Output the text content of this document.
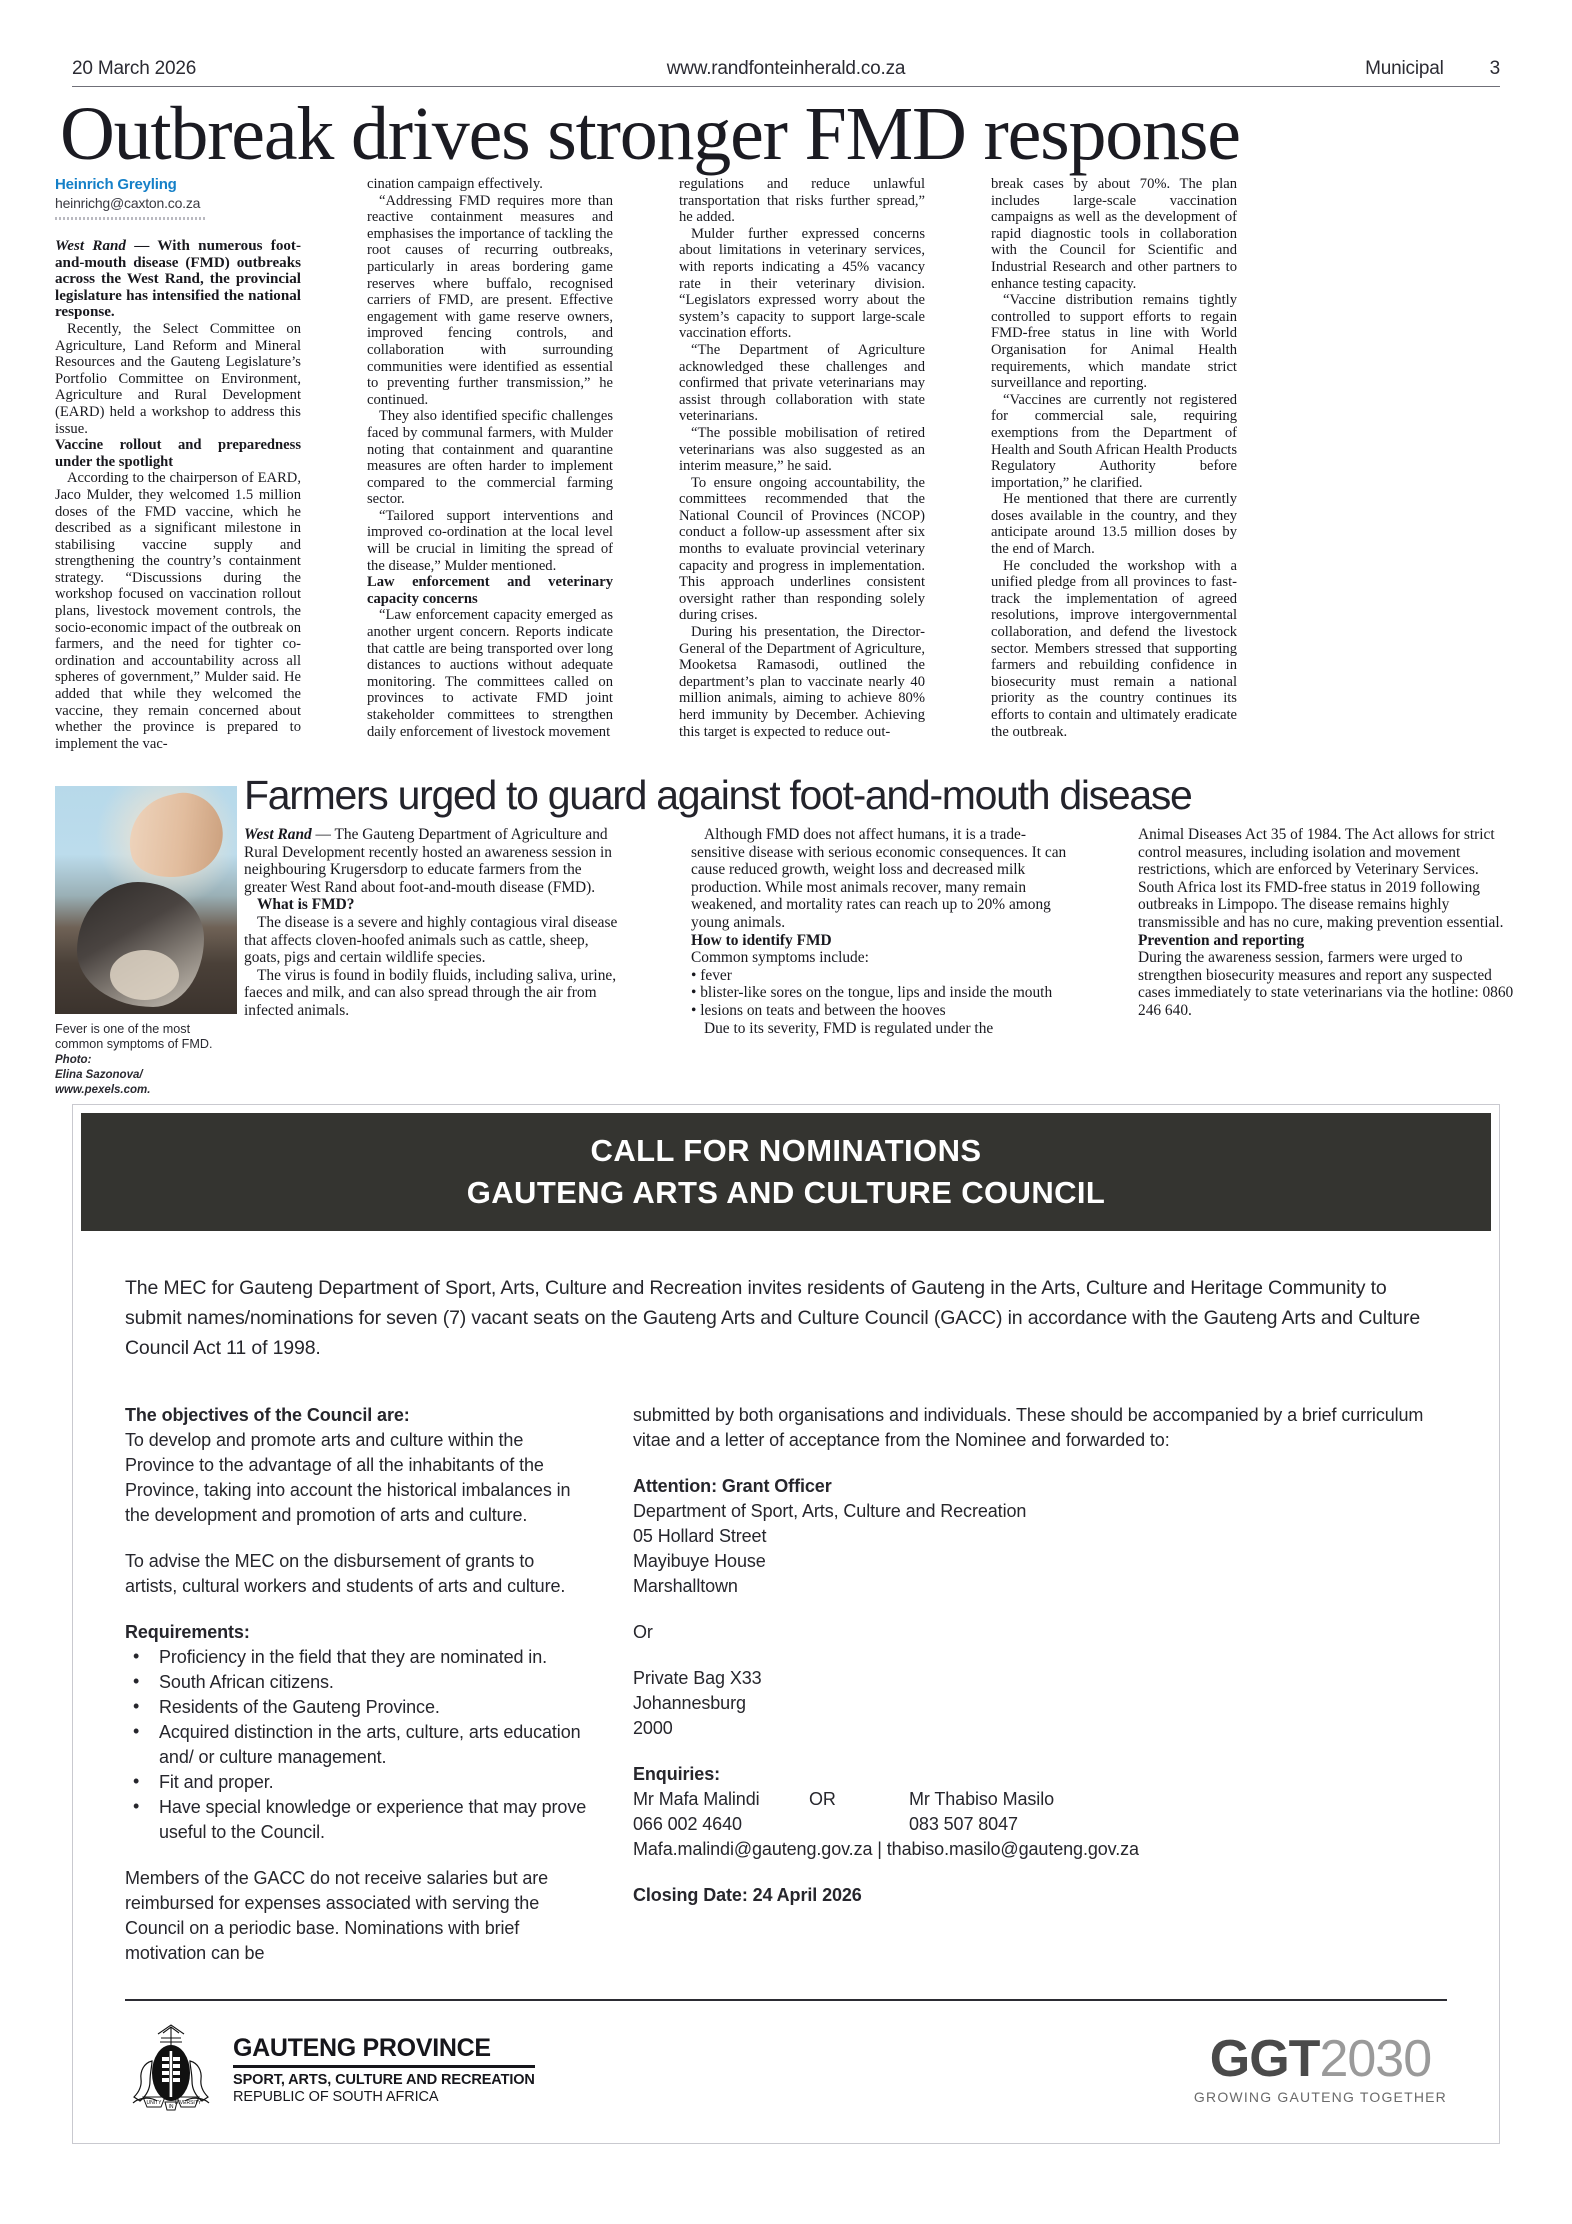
20 March 2026	www.randfonteinherald.co.za	Municipal 3
Outbreak drives stronger FMD response
Heinrich Greyling
heinrichg@caxton.co.za

West Rand — With numerous foot-and-mouth disease (FMD) outbreaks across the West Rand, the provincial legislature has intensified the national response.

Recently, the Select Committee on Agriculture, Land Reform and Mineral Resources and the Gauteng Legislature’s Portfolio Committee on Environment, Agriculture and Rural Development (EARD) held a workshop to address this issue.

Vaccine rollout and preparedness under the spotlight

According to the chairperson of EARD, Jaco Mulder, they welcomed 1.5 million doses of the FMD vaccine, which he described as a significant milestone in stabilising vaccine supply and strengthening the country’s containment strategy. “Discussions during the workshop focused on vaccination rollout plans, livestock movement controls, the socio-economic impact of the outbreak on farmers, and the need for tighter co-ordination and accountability across all spheres of government,” Mulder said. He added that while they welcomed the vaccine, they remain concerned about whether the province is prepared to implement the vac-

cination campaign effectively.

“Addressing FMD requires more than reactive containment measures and emphasises the importance of tackling the root causes of recurring outbreaks, particularly in areas bordering game reserves where buffalo, recognised carriers of FMD, are present. Effective engagement with game reserve owners, improved fencing controls, and collaboration with surrounding communities were identified as essential to preventing further transmission,” he continued.

They also identified specific challenges faced by communal farmers, with Mulder noting that containment and quarantine measures are often harder to implement compared to the commercial farming sector.

“Tailored support interventions and improved co-ordination at the local level will be crucial in limiting the spread of the disease,” Mulder mentioned.

Law enforcement and veterinary capacity concerns

“Law enforcement capacity emerged as another urgent concern. Reports indicate that cattle are being transported over long distances to auctions without adequate monitoring. The committees called on provinces to activate FMD joint stakeholder committees to strengthen daily enforcement of livestock movement

regulations and reduce unlawful transportation that risks further spread,” he added.

Mulder further expressed concerns about limitations in veterinary services, with reports indicating a 45% vacancy rate in their veterinary division. “Legislators expressed worry about the system’s capacity to support large-scale vaccination efforts.

“The Department of Agriculture acknowledged these challenges and confirmed that private veterinarians may assist through collaboration with state veterinarians.

“The possible mobilisation of retired veterinarians was also suggested as an interim measure,” he said.

To ensure ongoing accountability, the committees recommended that the National Council of Provinces (NCOP) conduct a follow-up assessment after six months to evaluate provincial veterinary capacity and progress in implementation. This approach underlines consistent oversight rather than responding solely during crises.

During his presentation, the Director-General of the Department of Agriculture, Mooketsa Ramasodi, outlined the department’s plan to vaccinate nearly 40 million animals, aiming to achieve 80% herd immunity by December. Achieving this target is expected to reduce out-

break cases by about 70%. The plan includes large-scale vaccination campaigns as well as the development of rapid diagnostic tools in collaboration with the Council for Scientific and Industrial Research and other partners to enhance testing capacity.

“Vaccine distribution remains tightly controlled to support efforts to regain FMD-free status in line with World Organisation for Animal Health requirements, which mandate strict surveillance and reporting.

“Vaccines are currently not registered for commercial sale, requiring exemptions from the Department of Health and South African Health Products Regulatory Authority before importation,” he clarified.

He mentioned that there are currently doses available in the country, and they anticipate around 13.5 million doses by the end of March.

He concluded the workshop with a unified pledge from all provinces to fast-track the implementation of agreed resolutions, improve intergovernmental collaboration, and defend the livestock sector. Members stressed that supporting farmers and rebuilding confidence in biosecurity must remain a national priority as the country continues its efforts to contain and ultimately eradicate the outbreak.

Farmers urged to guard against foot-and-mouth disease
Fever is one of the most common symptoms of FMD. Photo:
Elina Sazonova/ www.pexels.com.

West Rand — The Gauteng Department of Agriculture and Rural Development recently hosted an awareness session in neighbouring Krugersdorp to educate farmers from the greater West Rand about foot-and-mouth disease (FMD).

What is FMD?

The disease is a severe and highly contagious viral disease that affects cloven-hoofed animals such as cattle, sheep, goats, pigs and certain wildlife species.

The virus is found in bodily fluids, including saliva, urine, faeces and milk, and can also spread through the air from infected animals.

Although FMD does not affect humans, it is a trade-sensitive disease with serious economic consequences. It can cause reduced growth, weight loss and decreased milk production. While most animals recover, many remain weakened, and mortality rates can reach up to 20% among young animals.

How to identify FMD

Common symptoms include:

• fever

• blister-like sores on the tongue, lips and inside the mouth

• lesions on teats and between the hooves

Due to its severity, FMD is regulated under the

Animal Diseases Act 35 of 1984. The Act allows for strict control measures, including isolation and movement restrictions, which are enforced by Veterinary Services.

South Africa lost its FMD-free status in 2019 following outbreaks in Limpopo. The disease remains highly transmissible and has no cure, making prevention essential.

Prevention and reporting

During the awareness session, farmers were urged to strengthen biosecurity measures and report any suspected cases immediately to state veterinarians via the hotline: 0860 246 640.

CALL FOR NOMINATIONS
GAUTENG ARTS AND CULTURE COUNCIL
The MEC for Gauteng Department of Sport, Arts, Culture and Recreation invites residents of Gauteng in the Arts, Culture and Heritage Community to submit names/nominations for seven (7) vacant seats on the Gauteng Arts and Culture Council (GACC) in accordance with the Gauteng Arts and Culture Council Act 11 of 1998.

The objectives of the Council are:

To develop and promote arts and culture within the Province to the advantage of all the inhabitants of the Province, taking into account the historical imbalances in the development and promotion of arts and culture.

To advise the MEC on the disbursement of grants to artists, cultural workers and students of arts and culture.

Requirements:

• Proficiency in the field that they are nominated in.
• South African citizens.
• Residents of the Gauteng Province.
• Acquired distinction in the arts, culture, arts education and/ or culture management.
• Fit and proper.
• Have special knowledge or experience that may prove useful to the Council.

Members of the GACC do not receive salaries but are reimbursed for expenses associated with serving the Council on a periodic base. Nominations with brief motivation can be

submitted by both organisations and individuals. These should be accompanied by a brief curriculum vitae and a letter of acceptance from the Nominee and forwarded to:

Attention: Grant Officer

Department of Sport, Arts, Culture and Recreation

05 Hollard Street

Mayibuye House

Marshalltown

Or

Private Bag X33

Johannesburg

2000

Enquiries:

Mr Mafa Malindi	OR	Mr Thabiso Masilo
066 002 4640	083 507 8047

Mafa.malindi@gauteng.gov.za | thabiso.masilo@gauteng.gov.za

Closing Date: 24 April 2026

UNITY	DIVERSITY
IN
GAUTENG PROVINCE
SPORT, ARTS, CULTURE AND RECREATION
REPUBLIC OF SOUTH AFRICA
GGT2030
GROWING GAUTENG TOGETHER
